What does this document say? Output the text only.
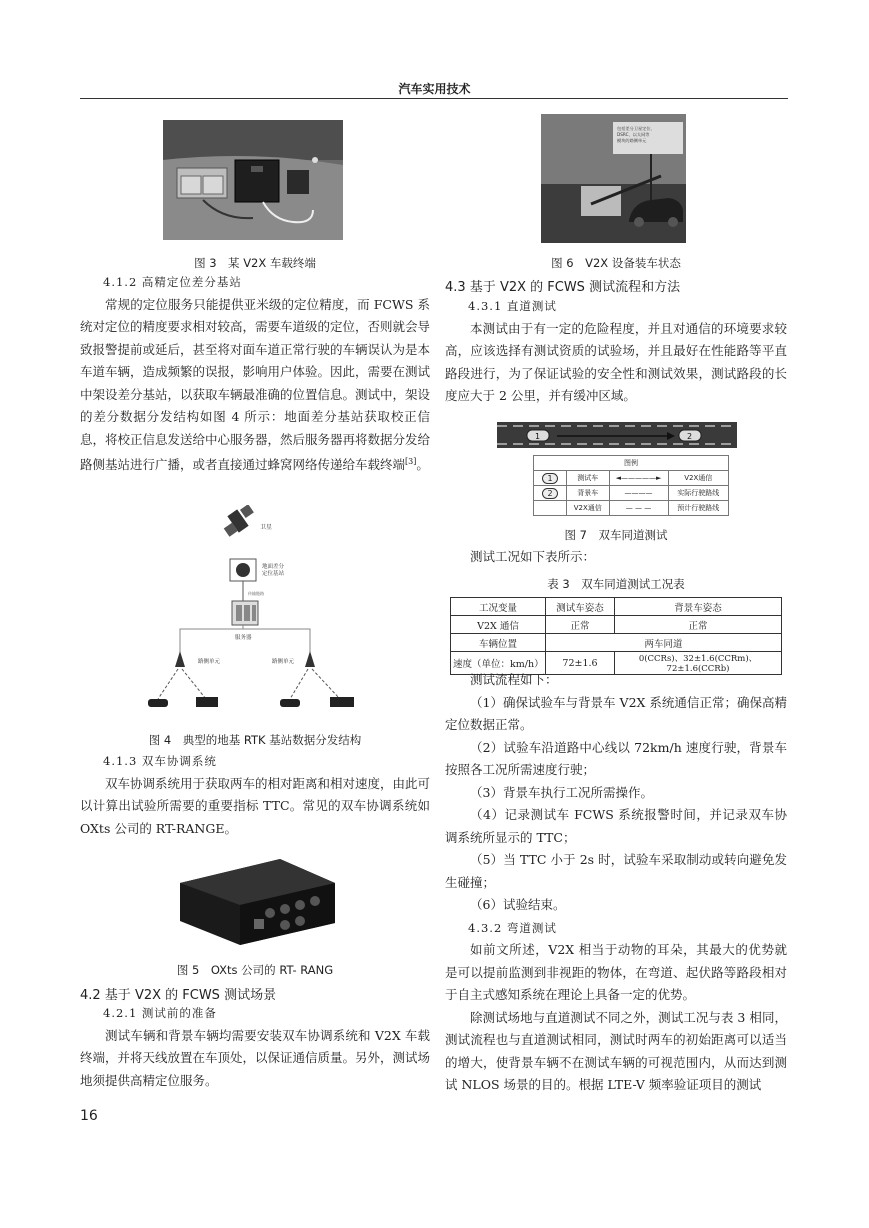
汽车实用技术
图 3　某 V2X 车载终端

4.1.2 高精定位差分基站

常规的定位服务只能提供亚米级的定位精度，而 FCWS 系统对定位的精度要求相对较高，需要车道级的定位，否则就会导致报警提前或延后，甚至将对面车道正常行驶的车辆误认为是本车道车辆，造成频繁的误报，影响用户体验。因此，需要在测试中架设差分基站，以获取车辆最准确的位置信息。测试中，架设的差分数据分发结构如图 4 所示：地面差分基站获取校正信息，将校正信息发送给中心服务器，然后服务器再将数据分发给路侧基站进行广播，或者直接通过蜂窝网络传递给车载终端[3]。

卫星
地面差分
定位基站
传输链路
服务器
路侧单元	路侧单元
图 4　典型的地基 RTK 基站数据分发结构

4.1.3 双车协调系统

双车协调系统用于获取两车的相对距离和相对速度，由此可以计算出试验所需要的重要指标 TTC。常见的双车协调系统如 OXts 公司的 RT-RANGE。

图 5　OXts 公司的 RT- RANG
4.2 基于 V2X 的 FCWS 测试场景

4.2.1 测试前的准备

测试车辆和背景车辆均需要安装双车协调系统和 V2X 车载终端，并将天线放置在车顶处，以保证通信质量。另外，测试场地须提供高精定位服务。

包括差分卫星定位、
DSRC、以太网等
模块的路侧单元
图 6　V2X 设备装车状态
4.3 基于 V2X 的 FCWS 测试流程和方法

4.3.1 直道测试

本测试由于有一定的危险程度，并且对通信的环境要求较高，应该选择有测试资质的试验场，并且最好在性能路等平直路段进行，为了保证试验的安全性和测试效果，测试路段的长度应大于 2 公里，并有缓冲区域。

1	2
图例			
1	测试车	◄—————►	V2X通信
2	背景车	————	实际行驶路线
	V2X通信	— — —	预计行驶路线
图 7　双车同道测试

测试工况如下表所示：

表 3　双车同道测试工况表
工况变量	测试车姿态	背景车姿态
V2X 通信	正常	正常
车辆位置	两车同道	
速度（单位：km/h）	72±1.6	0(CCRs)、32±1.6(CCRm)、72±1.6(CCRb)

测试流程如下：

（1）确保试验车与背景车 V2X 系统通信正常；确保高精定位数据正常。

（2）试验车沿道路中心线以 72km/h 速度行驶，背景车按照各工况所需速度行驶；

（3）背景车执行工况所需操作。

（4）记录测试车 FCWS 系统报警时间，并记录双车协调系统所显示的 TTC；

（5）当 TTC 小于 2s 时，试验车采取制动或转向避免发生碰撞；

（6）试验结束。

4.3.2 弯道测试

如前文所述，V2X 相当于动物的耳朵，其最大的优势就是可以提前监测到非视距的物体，在弯道、起伏路等路段相对于自主式感知系统在理论上具备一定的优势。

除测试场地与直道测试不同之外，测试工况与表 3 相同，测试流程也与直道测试相同，测试时两车的初始距离可以适当的增大，使背景车辆不在测试车辆的可视范围内，从而达到测试 NLOS 场景的目的。根据 LTE-V 频率验证项目的测试

16
